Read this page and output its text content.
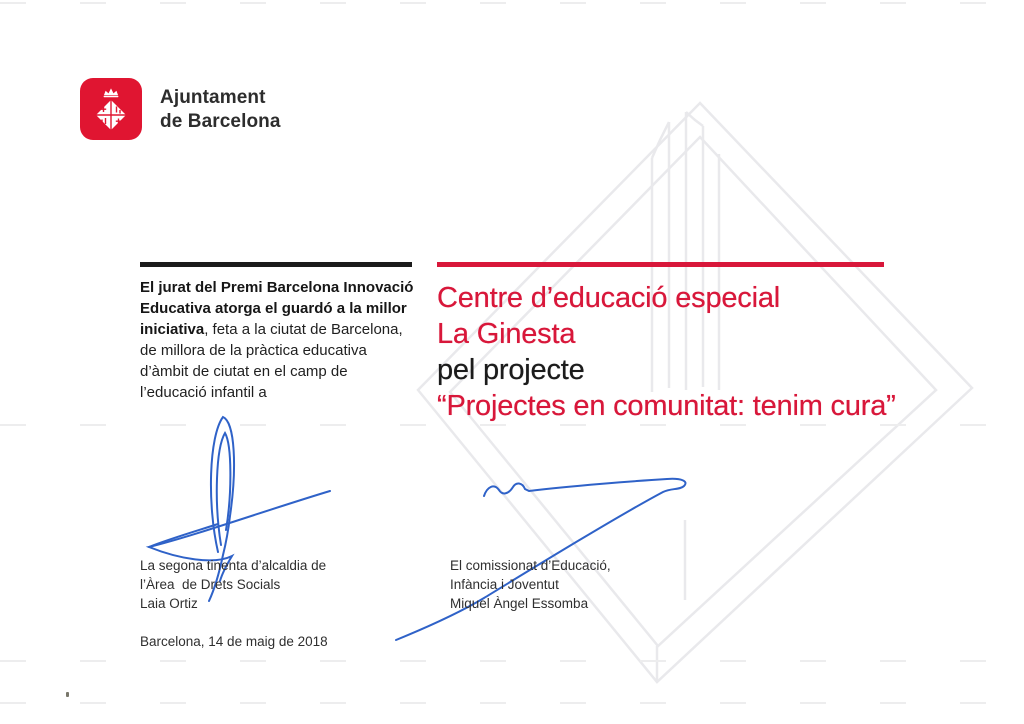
Ajuntament
de Barcelona

El jurat del Premi Barcelona Innovació Educativa atorga el guardó a la millor iniciativa, feta a la ciutat de Barcelona, de millora de la pràctica educativa d’àmbit de ciutat en el camp de l’educació infantil a

Centre d’educació especial
La Ginesta
pel projecte
“Projectes en comunitat: tenim cura”
La segona tinenta d’alcaldia de
l’Àrea  de Drets Socials
Laia Ortiz
El comissionat d’Educació,
Infància i Joventut
Miquel Àngel Essomba
Barcelona, 14 de maig de 2018
